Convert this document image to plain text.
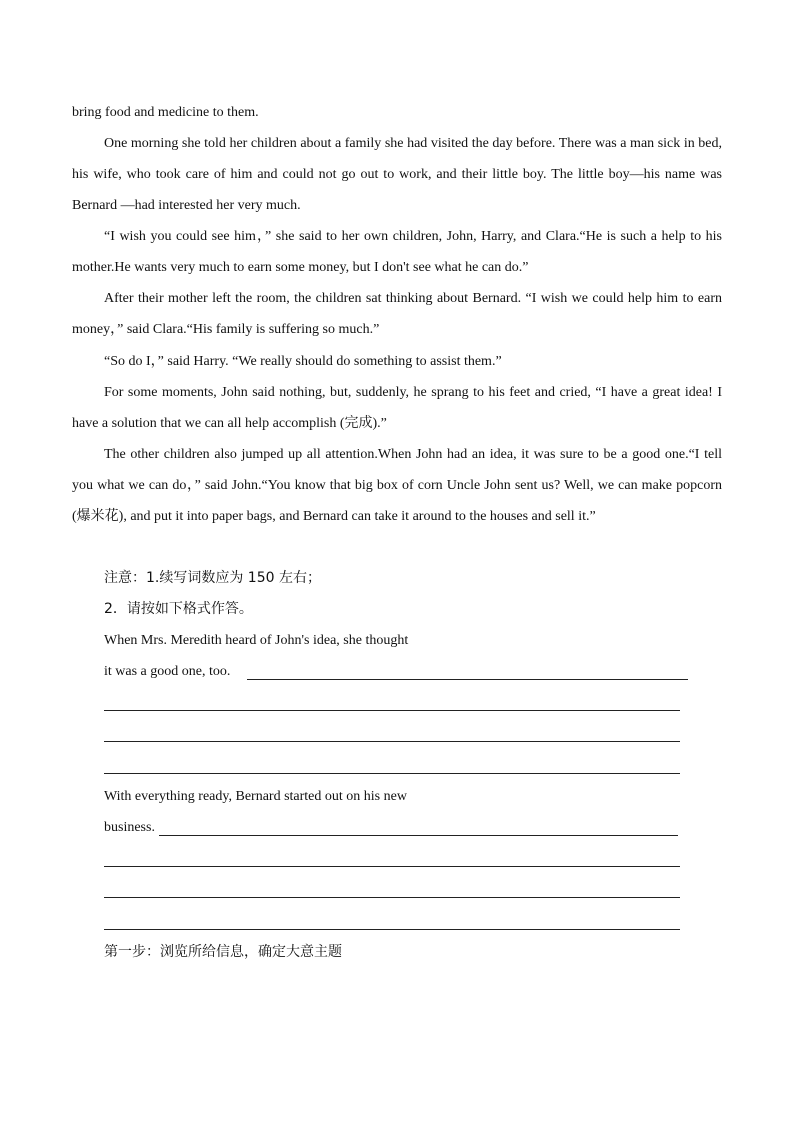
bring food and medicine to them.

One morning she told her children about a family she had visited the day before. There was a man sick in bed, his wife, who took care of him and could not go out to work, and their little boy. The little boy—his name was Bernard —had interested her very much.

“I wish you could see him，” she said to her own children, John, Harry, and Clara.“He is such a help to his mother.He wants very much to earn some money, but I don't see what he can do.”

After their mother left the room, the children sat thinking about Bernard. “I wish we could help him to earn money，” said Clara.“His family is suffering so much.”

“So do I，” said Harry. “We really should do something to assist them.”

For some moments, John said nothing, but, suddenly, he sprang to his feet and cried, “I have a great idea! I have a solution that we can all help accomplish (完成).”

The other children also jumped up all attention.When John had an idea, it was sure to be a good one.“I tell you what we can do，” said John.“You know that big box of corn Uncle John sent us? Well, we can make popcorn (爆米花), and put it into paper bags, and Bernard can take it around to the houses and sell it.”

注意：1.续写词数应为 150 左右；
2．请按如下格式作答。
When Mrs. Meredith heard of John's idea, she thought
it was a good one, too.
With everything ready, Bernard started out on his new
business.
第一步：浏览所给信息，确定大意主题
